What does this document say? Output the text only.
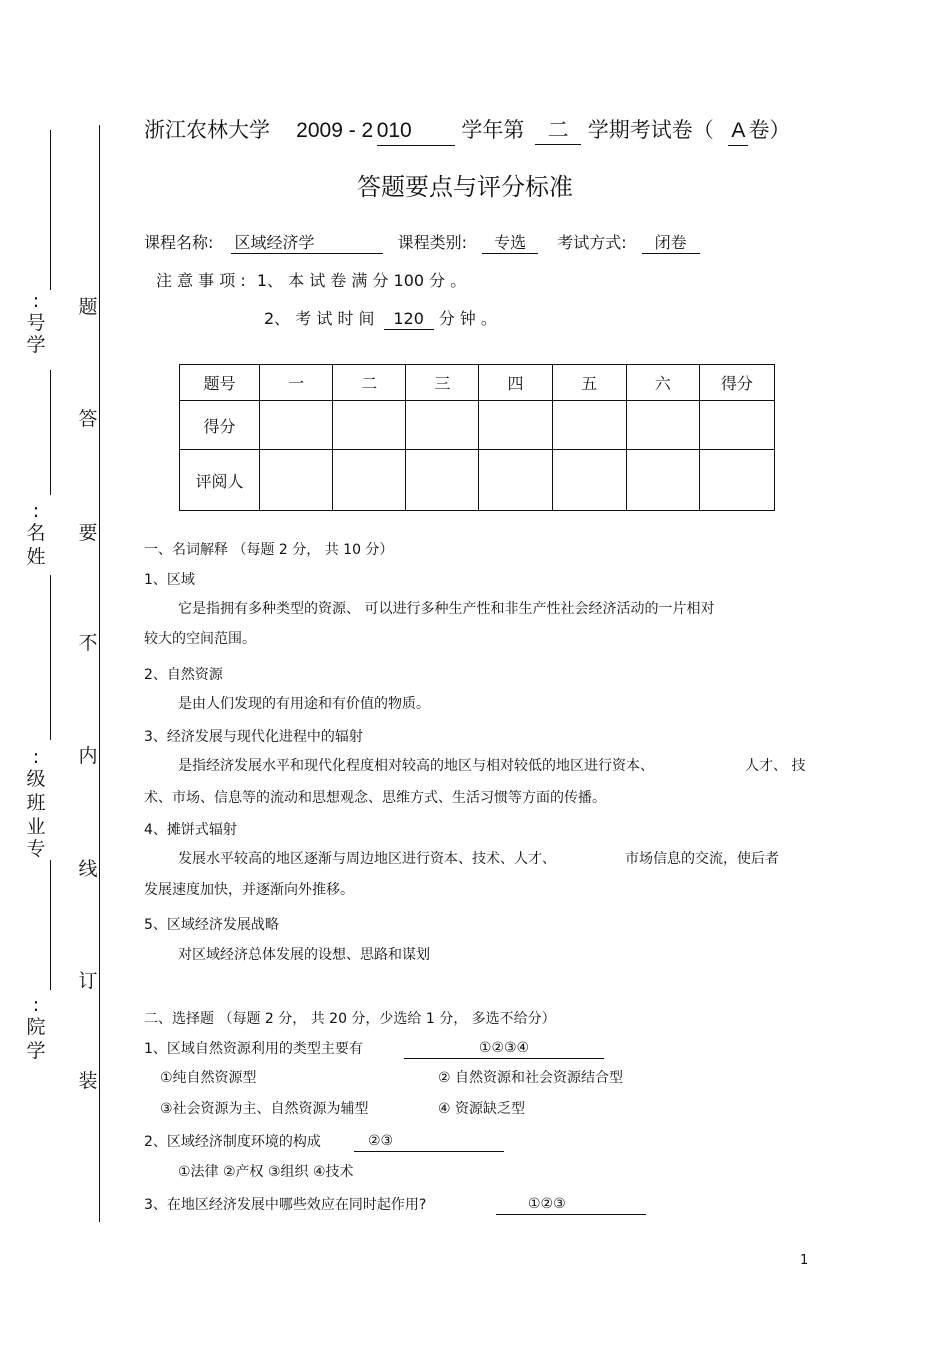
:
号
学
:
名
姓
:
级
班
业
专
:
院
学
题
答
要
不
内
线
订
装
浙江农林大学 2009 - 2 010 学年第 二 学期考试卷（ A 卷）
答题要点与评分标准
课程名称: 区域经济学	课程类别: 专选 考试方式: 闭卷
注 意 事 项 : 1、 本 试 卷 满 分 100 分 。
2、 考 试 时 间 120 分 钟 。
题号	一	二	三	四	五	六	得分
得分							
评阅人							
一、名词解释 （每题 2 分， 共 10 分）
1、区域
它是指拥有多种类型的资源、 可以进行多种生产性和非生产性社会经济活动的一片相对
较大的空间范围。
2、自然资源
是由人们发现的有用途和有价值的物质。
3、经济发展与现代化进程中的辐射
是指经济发展水平和现代化程度相对较高的地区与相对较低的地区进行资本、	人才、 技
术、市场、信息等的流动和思想观念、思维方式、生活习惯等方面的传播。
4、摊饼式辐射
发展水平较高的地区逐渐与周边地区进行资本、技术、人才、	市场信息的交流，使后者
发展速度加快，并逐渐向外推移。
5、区域经济发展战略
对区域经济总体发展的设想、思路和谋划
二、选择题 （每题 2 分， 共 20 分，少选给 1 分， 多选不给分）
1、区域自然资源利用的类型主要有	①②③④
①纯自然资源型	② 自然资源和社会资源结合型
③社会资源为主、自然资源为辅型	④ 资源缺乏型
2、区域经济制度环境的构成	②③
①法律 ②产权 ③组织 ④技术
3、在地区经济发展中哪些效应在同时起作用?	①②③
1
